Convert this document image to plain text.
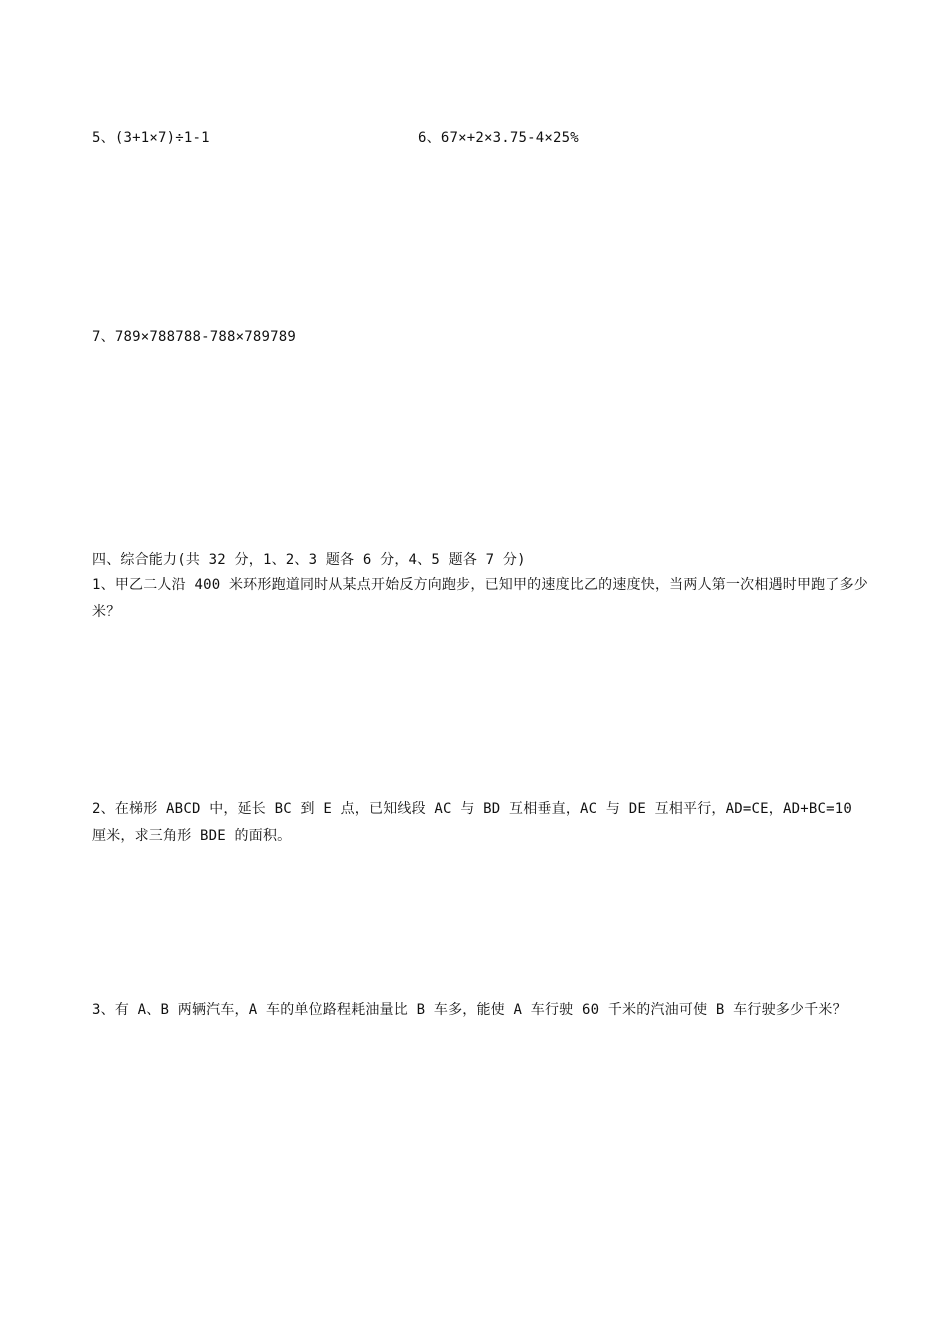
5、(3+1×7)÷1-1	6、67×+2×3.75-4×25%
7、789×788788-788×789789
四、综合能力(共 32 分，1、2、3 题各 6 分，4、5 题各 7 分)
1、甲乙二人沿 400 米环形跑道同时从某点开始反方向跑步，已知甲的速度比乙的速度快，当两人第一次相遇时甲跑了多少米？
2、在梯形 ABCD 中，延长 BC 到 E 点，已知线段 AC 与 BD 互相垂直，AC 与 DE 互相平行，AD=CE，AD+BC=10 厘米，求三角形 BDE 的面积。
3、有 A、B 两辆汽车，A 车的单位路程耗油量比 B 车多，能使 A 车行驶 60 千米的汽油可使 B 车行驶多少千米？
